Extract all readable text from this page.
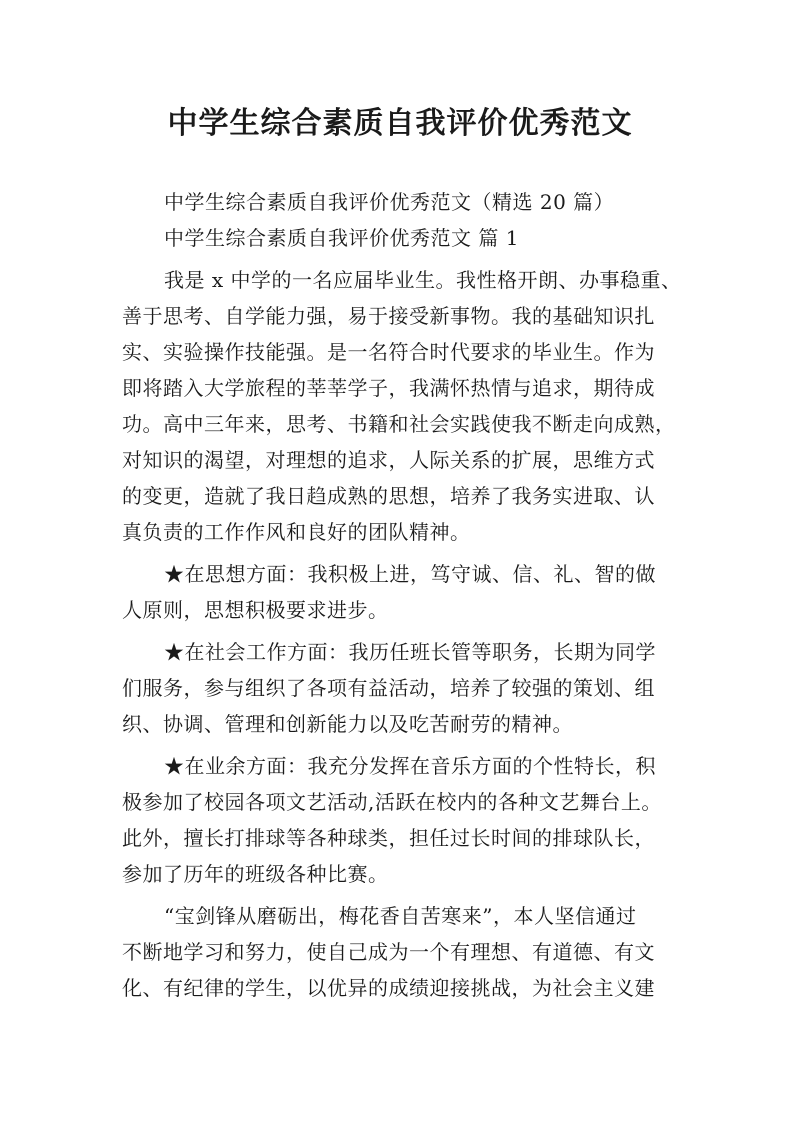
中学生综合素质自我评价优秀范文
中学生综合素质自我评价优秀范文（精选 20 篇）
中学生综合素质自我评价优秀范文 篇 1
我是 x 中学的一名应届毕业生。我性格开朗、办事稳重、
善于思考、自学能力强，易于接受新事物。我的基础知识扎
实、实验操作技能强。是一名符合时代要求的毕业生。作为
即将踏入大学旅程的莘莘学子，我满怀热情与追求，期待成
功。高中三年来，思考、书籍和社会实践使我不断走向成熟，
对知识的渴望，对理想的追求，人际关系的扩展，思维方式
的变更，造就了我日趋成熟的思想，培养了我务实进取、认
真负责的工作作风和良好的团队精神。
★在思想方面：我积极上进，笃守诚、信、礼、智的做
人原则，思想积极要求进步。
★在社会工作方面：我历任班长管等职务，长期为同学
们服务，参与组织了各项有益活动，培养了较强的策划、组
织、协调、管理和创新能力以及吃苦耐劳的精神。
★在业余方面：我充分发挥在音乐方面的个性特长，积
极参加了校园各项文艺活动,活跃在校内的各种文艺舞台上。
此外，擅长打排球等各种球类，担任过长时间的排球队长，
参加了历年的班级各种比赛。
“宝剑锋从磨砺出，梅花香自苦寒来”，本人坚信通过
不断地学习和努力，使自己成为一个有理想、有道德、有文
化、有纪律的学生，以优异的成绩迎接挑战，为社会主义建
